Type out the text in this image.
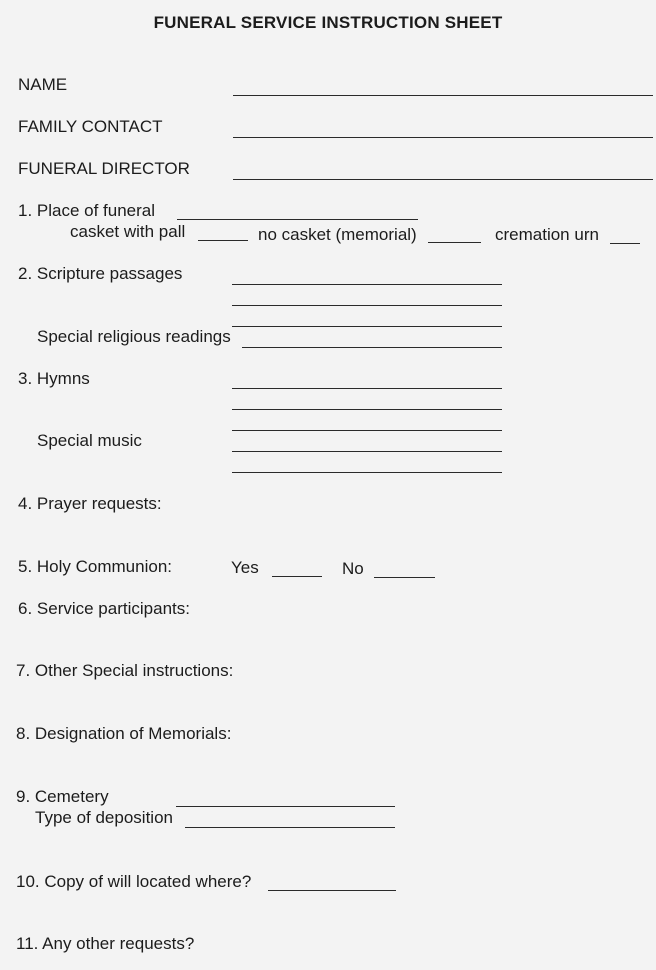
FUNERAL SERVICE INSTRUCTION SHEET
NAME
FAMILY CONTACT
FUNERAL DIRECTOR
1. Place of funeral
casket with pall	no casket (memorial)	cremation urn
2. Scripture passages
Special religious readings
3. Hymns
Special music
4. Prayer requests:
5. Holy Communion:	Yes	No
6. Service participants:
7. Other Special instructions:
8. Designation of Memorials:
9. Cemetery
Type of deposition
10. Copy of will located where?
11. Any other requests?
